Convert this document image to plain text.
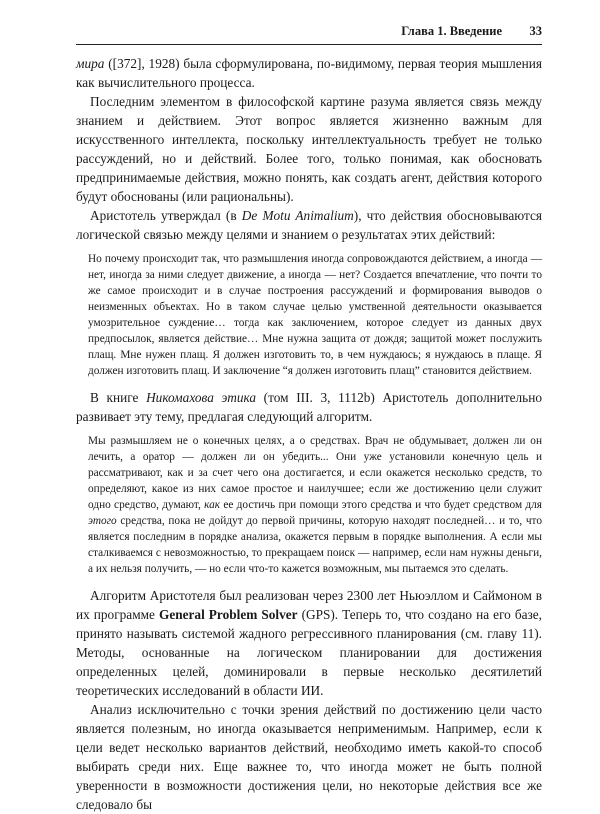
Глава 1. Введение 33

мира ([372], 1928) была сформулирована, по-видимому, первая теория мышления как вычислительного процесса.

Последним элементом в философской картине разума является связь между знанием и действием. Этот вопрос является жизненно важным для искусственного интеллекта, поскольку интеллектуальность требует не только рассуждений, но и действий. Более того, только понимая, как обосновать предпринимаемые действия, можно понять, как создать агент, действия которого будут обоснованы (или рациональны).

Аристотель утверждал (в De Motu Animalium), что действия обосновываются логической связью между целями и знанием о результатах этих действий:

Но почему происходит так, что размышления иногда сопровождаются действием, а иногда — нет, иногда за ними следует движение, а иногда — нет? Создается впечатление, что почти то же самое происходит и в случае построения рассуждений и формирования выводов о неизменных объектах. Но в таком случае целью умственной деятельности оказывается умозрительное суждение… тогда как заключением, которое следует из данных двух предпосылок, является действие… Мне нужна защита от дождя; защитой может послужить плащ. Мне нужен плащ. Я должен изготовить то, в чем нуждаюсь; я нуждаюсь в плаще. Я должен изготовить плащ. И заключение “я должен изготовить плащ” становится действием.

В книге Никомахова этика (том III. 3, 1112b) Аристотель дополнительно развивает эту тему, предлагая следующий алгоритм.

Мы размышляем не о конечных целях, а о средствах. Врач не обдумывает, должен ли он лечить, а оратор — должен ли он убедить... Они уже установили конечную цель и рассматривают, как и за счет чего она достигается, и если окажется несколько средств, то определяют, какое из них самое простое и наилучшее; если же достижению цели служит одно средство, думают, как ее достичь при помощи этого средства и что будет средством для этого средства, пока не дойдут до первой причины, которую находят последней… и то, что является последним в порядке анализа, окажется первым в порядке выполнения. А если мы сталкиваемся с невозможностью, то прекращаем поиск — например, если нам нужны деньги, а их нельзя получить, — но если что-то кажется возможным, мы пытаемся это сделать.

Алгоритм Аристотеля был реализован через 2300 лет Ньюэллом и Саймоном в их программе General Problem Solver (GPS). Теперь то, что создано на его базе, принято называть системой жадного регрессивного планирования (см. главу 11). Методы, основанные на логическом планировании для достижения определенных целей, доминировали в первые несколько десятилетий теоретических исследований в области ИИ.

Анализ исключительно с точки зрения действий по достижению цели часто является полезным, но иногда оказывается неприменимым. Например, если к цели ведет несколько вариантов действий, необходимо иметь какой-то способ выбирать среди них. Еще важнее то, что иногда может не быть полной уверенности в возможности достижения цели, но некоторые действия все же следовало бы
